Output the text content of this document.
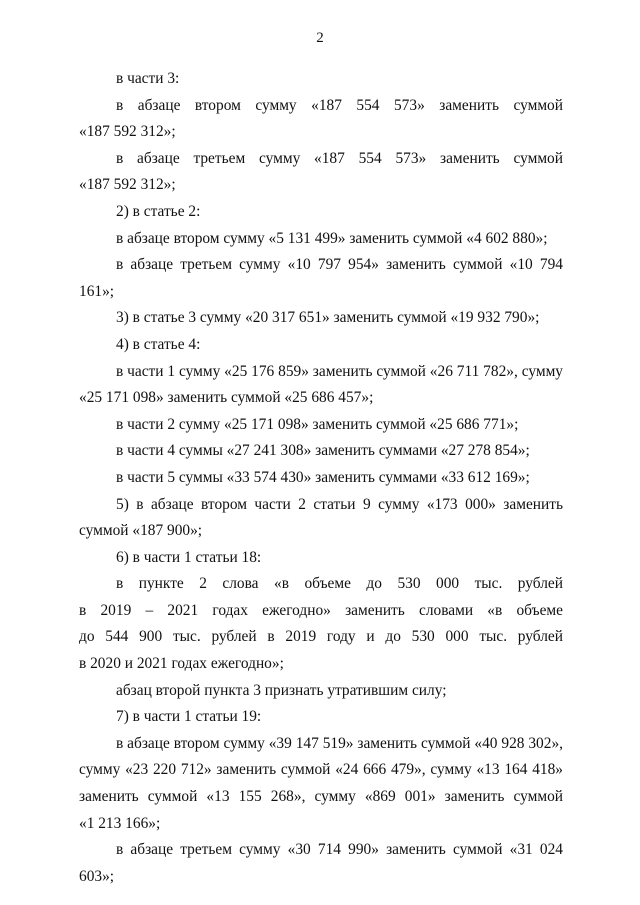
2
в части 3:
в абзаце втором сумму «187 554 573» заменить суммой
«187 592 312»;
в абзаце третьем сумму «187 554 573» заменить суммой
«187 592 312»;
2) в статье 2:
в абзаце втором сумму «5 131 499» заменить суммой «4 602 880»;
в абзаце третьем сумму «10 797 954» заменить суммой «10 794 161»;
3) в статье 3 сумму «20 317 651» заменить суммой «19 932 790»;
4) в статье 4:
в части 1 сумму «25 176 859» заменить суммой «26 711 782», сумму
«25 171 098» заменить суммой «25 686 457»;
в части 2 сумму «25 171 098» заменить суммой «25 686 771»;
в части 4 суммы «27 241 308» заменить суммами «27 278 854»;
в части 5 суммы «33 574 430» заменить суммами «33 612 169»;
5) в абзаце втором части 2 статьи 9 сумму «173 000» заменить
суммой «187 900»;
6) в части 1 статьи 18:
в пункте 2 слова «в объеме до 530 000 тыс. рублей
в 2019 – 2021 годах ежегодно» заменить словами «в объеме
до 544 900 тыс. рублей в 2019 году и до 530 000 тыс. рублей
в 2020 и 2021 годах ежегодно»;
абзац второй пункта 3 признать утратившим силу;
7) в части 1 статьи 19:
в абзаце втором сумму «39 147 519» заменить суммой «40 928 302»,
сумму «23 220 712» заменить суммой «24 666 479», сумму «13 164 418»
заменить суммой «13 155 268», сумму «869 001» заменить суммой
«1 213 166»;
в абзаце третьем сумму «30 714 990» заменить суммой «31 024 603»;
